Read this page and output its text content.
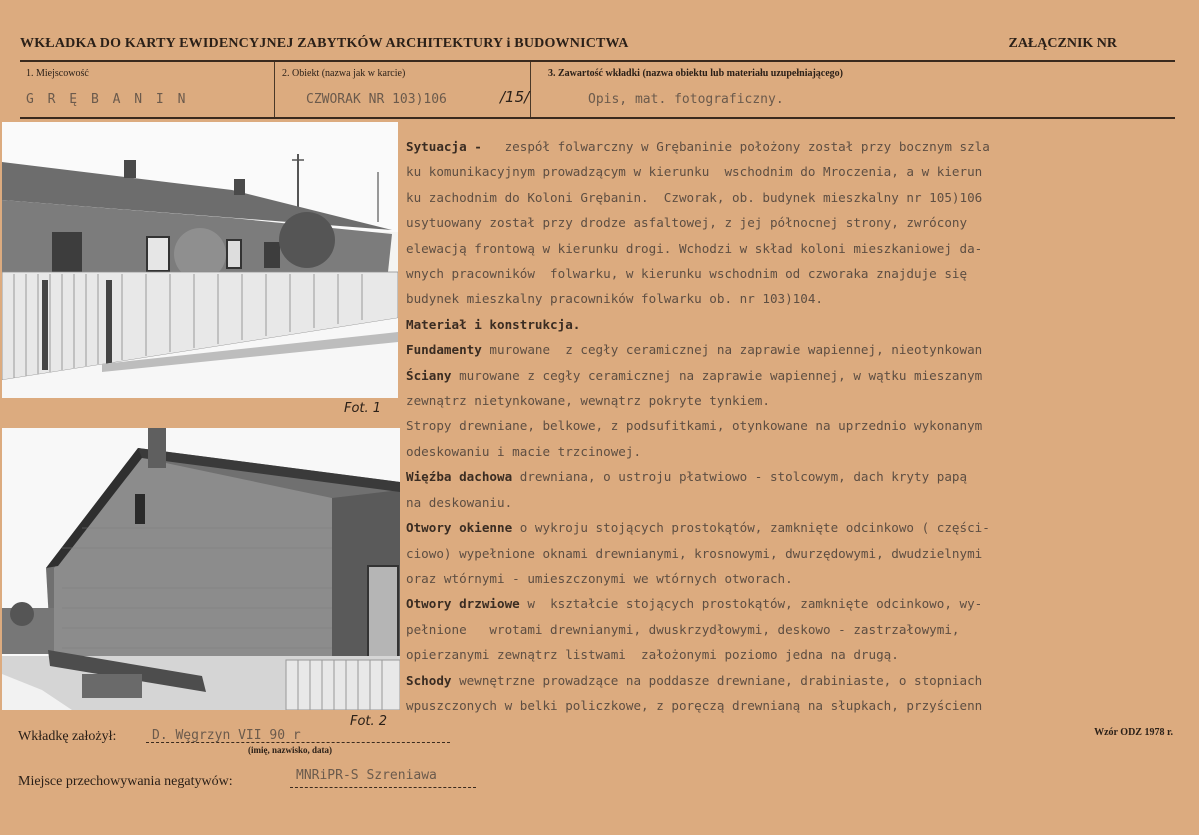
WKŁADKA DO KARTY EWIDENCYJNEJ ZABYTKÓW ARCHITEKTURY i BUDOWNICTWA	ZAŁĄCZNIK NR
1. Miejscowość
G R Ę B A N I N
2. Obiekt (nazwa jak w karcie)
CZWORAK NR 103)106	/15/
3. Zawartość wkładki (nazwa obiektu lub materiału uzupełniającego)
Opis, mat. fotograficzny.
Fot. 1
Fot. 2
Sytuacja -   zespół folwarczny w Grębaninie położony został przy bocznym szla
ku komunikacyjnym prowadzącym w kierunku  wschodnim do Mroczenia, a w kierun
ku zachodnim do Koloni Grębanin.  Czworak, ob. budynek mieszkalny nr 105)106
usytuowany został przy drodze asfaltowej, z jej północnej strony, zwrócony
elewacją frontową w kierunku drogi. Wchodzi w skład koloni mieszkaniowej da-
wnych pracowników  folwarku, w kierunku wschodnim od czworaka znajduje się
budynek mieszkalny pracowników folwarku ob. nr 103)104.
Materiał i konstrukcja.
Fundamenty murowane  z cegły ceramicznej na zaprawie wapiennej, nieotynkowan
Ściany murowane z cegły ceramicznej na zaprawie wapiennej, w wątku mieszanym
zewnątrz nietynkowane, wewnątrz pokryte tynkiem.
Stropy drewniane, belkowe, z podsufitkami, otynkowane na uprzednio wykonanym
odeskowaniu i macie trzcinowej.
Więźba dachowa drewniana, o ustroju płatwiowo - stolcowym, dach kryty papą
na deskowaniu.
Otwory okienne o wykroju stojących prostokątów, zamknięte odcinkowo ( części-
ciowo) wypełnione oknami drewnianymi, krosnowymi, dwurzędowymi, dwudzielnymi
oraz wtórnymi - umieszczonymi we wtórnych otworach.
Otwory drzwiowe w  kształcie stojących prostokątów, zamknięte odcinkowo, wy-
pełnione   wrotami drewnianymi, dwuskrzydłowymi, deskowo - zastrzałowymi,
opierzanymi zewnątrz listwami  założonymi poziomo jedna na drugą.
Schody wewnętrzne prowadzące na poddasze drewniane, drabiniaste, o stopniach
wpuszczonych w belki policzkowe, z poręczą drewnianą na słupkach, przyścienn
Wkładkę założył:	D. Węgrzyn VII 90 r
(imię, nazwisko, data)
Miejsce przechowywania negatywów:	MNRiPR-S Szreniawa
Wzór ODZ 1978 r.
